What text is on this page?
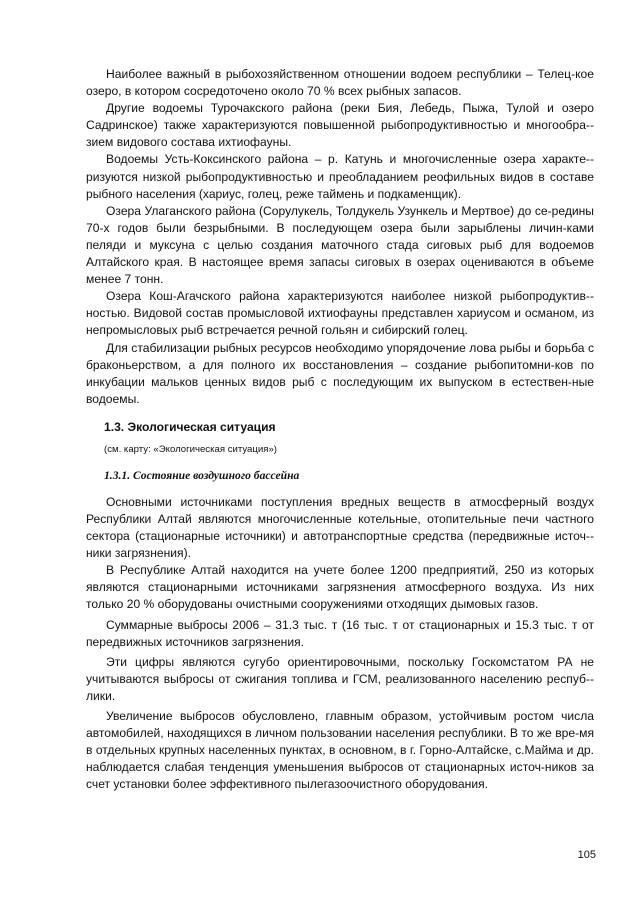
Наиболее важный в рыбохозяйственном отношении водоем республики – Телец-кое озеро, в котором сосредоточено около 70 % всех рыбных запасов.

Другие водоемы Турочакского района (реки Бия, Лебедь, Пыжа, Тулой и озеро Садринское) также характеризуются повышенной рыбопродуктивностью и многообра-зием видового состава ихтиофауны.

Водоемы Усть-Коксинского района – р. Катунь и многочисленные озера характе-ризуются низкой рыбопродуктивностью и преобладанием реофильных видов в составе рыбного населения (хариус, голец, реже таймень и подкаменщик).

Озера Улаганского района (Сорулукель, Толдукель Узункель и Мертвое) до се-редины 70-х годов были безрыбными. В последующем озера были зарыблены личин-ками пеляди и муксуна с целью создания маточного стада сиговых рыб для водоемов Алтайского края. В настоящее время запасы сиговых в озерах оцениваются в объеме менее 7 тонн.

Озера Кош-Агачского района характеризуются наиболее низкой рыбопродуктив-ностью. Видовой состав промысловой ихтиофауны представлен хариусом и османом, из непромысловых рыб встречается речной гольян и сибирский голец.

Для стабилизации рыбных ресурсов необходимо упорядочение лова рыбы и борьба с браконьерством, а для полного их восстановления – создание рыбопитомни-ков по инкубации мальков ценных видов рыб с последующим их выпуском в естествен-ные водоемы.

1.3. Экологическая ситуация
(см. карту: «Экологическая ситуация»)
1.3.1. Состояние воздушного бассейна

Основными источниками поступления вредных веществ в атмосферный воздух Республики Алтай являются многочисленные котельные, отопительные печи частного сектора (стационарные источники) и автотранспортные средства (передвижные источ-ники загрязнения).

В Республике Алтай находится на учете более 1200 предприятий, 250 из которых являются стационарными источниками загрязнения атмосферного воздуха. Из них только 20 % оборудованы очистными сооружениями отходящих дымовых газов.

Суммарные выбросы 2006 – 31.3 тыс. т (16 тыс. т от стационарных и 15.3 тыс. т от передвижных источников загрязнения.

Эти цифры являются сугубо ориентировочными, поскольку Госкомстатом РА не учитываются выбросы от сжигания топлива и ГСМ, реализованного населению респуб-лики.

Увеличение выбросов обусловлено, главным образом, устойчивым ростом числа автомобилей, находящихся в личном пользовании населения республики. В то же вре-мя в отдельных крупных населенных пунктах, в основном, в г. Горно-Алтайске, с.Майма и др. наблюдается слабая тенденция уменьшения выбросов от стационарных источ-ников за счет установки более эффективного пылегазоочистного оборудования.

105
